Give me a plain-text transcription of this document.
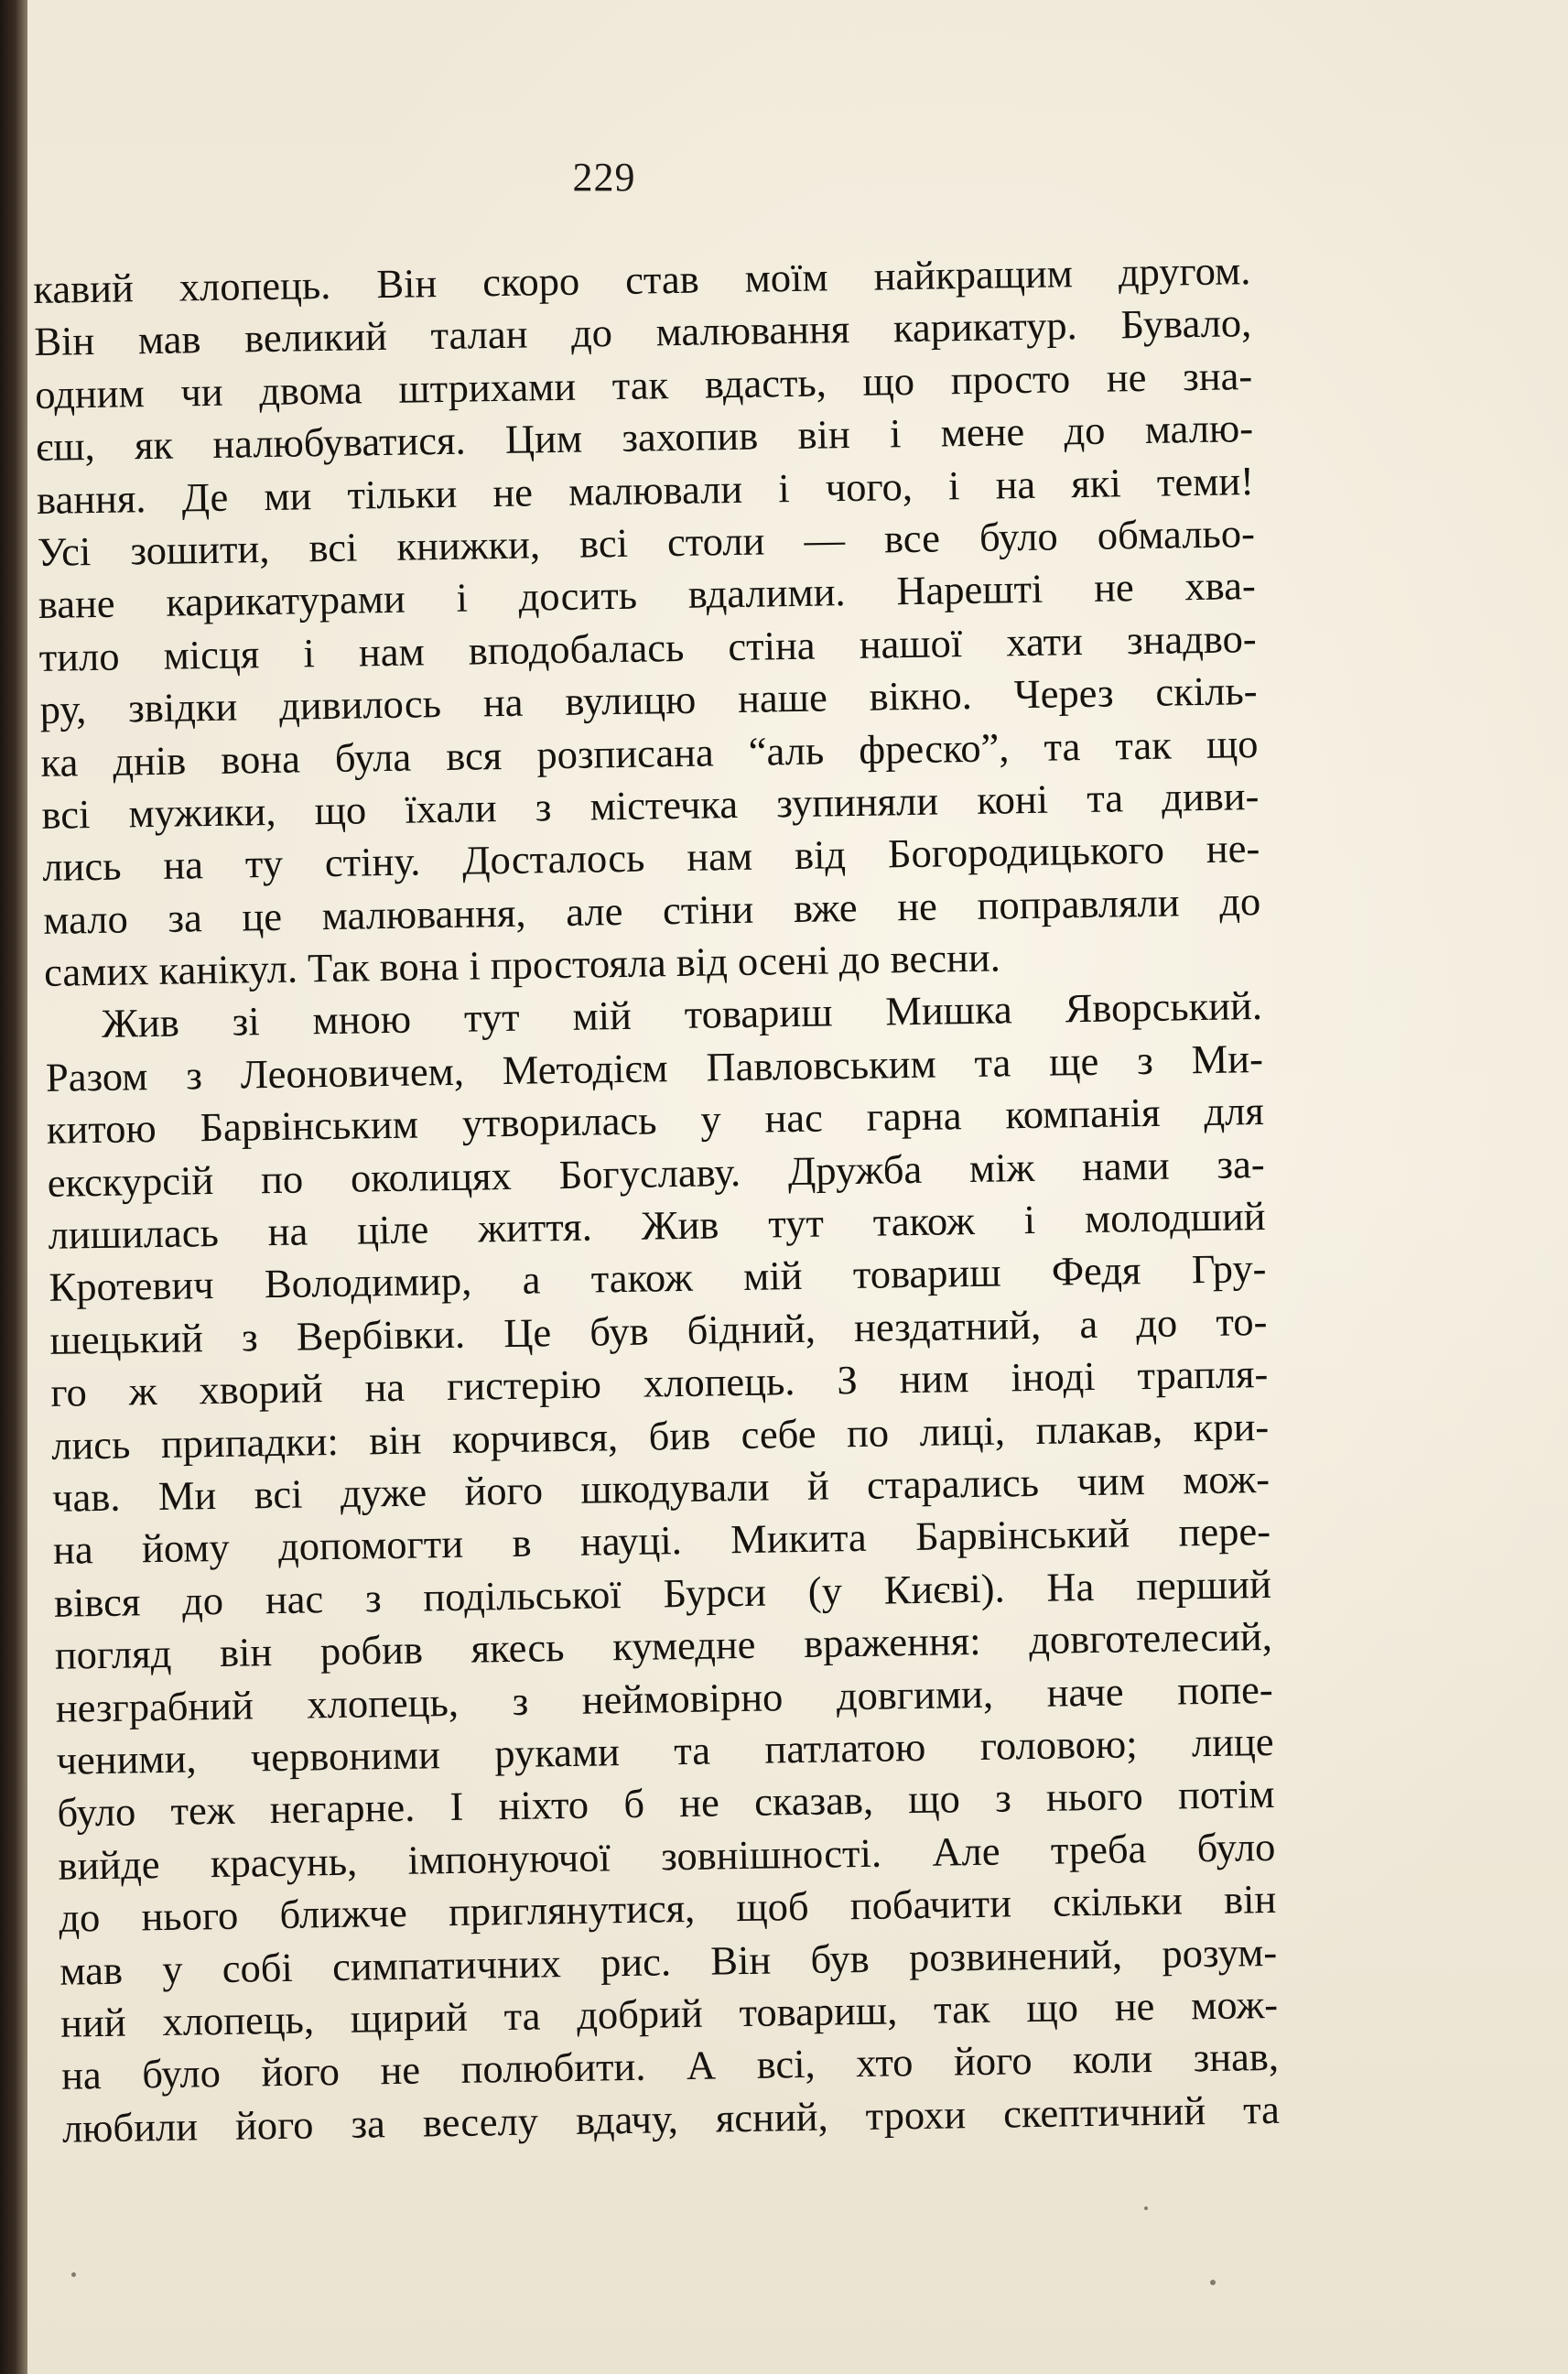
229
кавий хлопець. Він скоро став моїм найкращим другом.
Він мав великий талан до малювання карикатур. Бувало,
одним чи двома штрихами так вдасть, що просто не зна-
єш, як налюбуватися. Цим захопив він і мене до малю-
вання. Де ми тільки не малювали і чого, і на які теми!
Усі зошити, всі книжки, всі столи — все було обмальо-
ване карикатурами і досить вдалими. Нарешті не хва-
тило місця і нам вподобалась стіна нашої хати знадво-
ру, звідки дивилось на вулицю наше вікно. Через скіль-
ка днів вона була вся розписана “аль фреско”, та так що
всі мужики, що їхали з містечка зупиняли коні та диви-
лись на ту стіну. Досталось нам від Богородицького не-
мало за це малювання, але стіни вже не поправляли до
самих канікул. Так вона і простояла від осені до весни.
Жив зі мною тут мій товариш Мишка Яворський.
Разом з Леоновичем, Методієм Павловським та ще з Ми-
китою Барвінським утворилась у нас гарна компанія для
екскурсій по околицях Богуславу. Дружба між нами за-
лишилась на ціле життя. Жив тут також і молодший
Кротевич Володимир, а також мій товариш Федя Гру-
шецький з Вербівки. Це був бідний, нездатний, а до то-
го ж хворий на гистерію хлопець. З ним іноді трапля-
лись припадки: він корчився, бив себе по лиці, плакав, кри-
чав. Ми всі дуже його шкодували й старались чим мож-
на йому допомогти в науці. Микита Барвінський пере-
вівся до нас з подільської Бурси (у Києві). На перший
погляд він робив якесь кумедне враження: довготелесий,
незграбний хлопець, з неймовірно довгими, наче попе-
ченими, червоними руками та патлатою головою; лице
було теж негарне. І ніхто б не сказав, що з нього потім
вийде красунь, імпонуючої зовнішності. Але треба було
до нього ближче приглянутися, щоб побачити скільки він
мав у собі симпатичних рис. Він був розвинений, розум-
ний хлопець, щирий та добрий товариш, так що не мож-
на було його не полюбити. А всі, хто його коли знав,
любили його за веселу вдачу, ясний, трохи скептичний та
